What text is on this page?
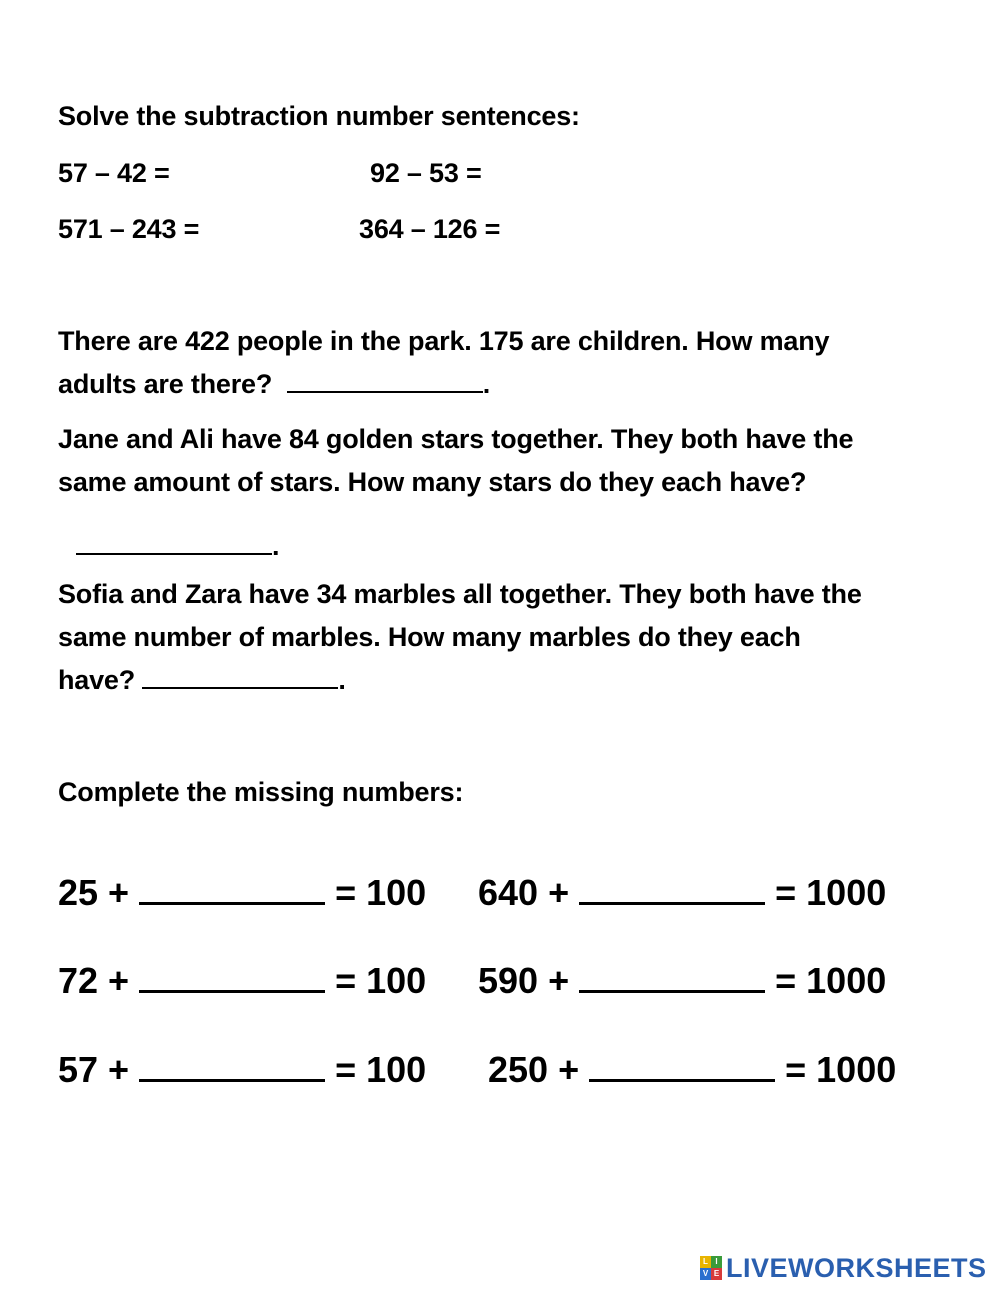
Solve the subtraction number sentences:
57 – 42 =	92 – 53 =
571 – 243 =	364 – 126 =
There are 422 people in the park. 175 are children. How many
adults are there?	.
Jane and Ali have 84 golden stars together. They both have the
same amount of stars. How many stars do they each have?
.
Sofia and Zara have 34 marbles all together. They both have the
same number of marbles. How many marbles do they each
have?	.
Complete the missing numbers:
25 +	= 100 640 +	= 1000
72 +	= 100 590 +	= 1000
57 +	= 100 250 +	= 1000
L I
V E LIVEWORKSHEETS
